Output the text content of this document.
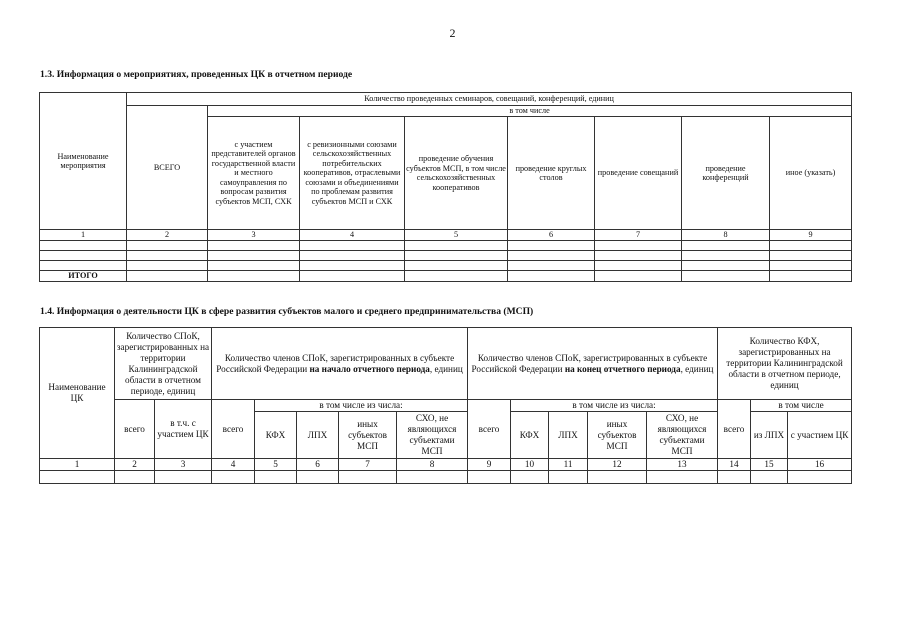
2
1.3. Информация о мероприятиях, проведенных ЦК в отчетном периоде
Наименование мероприятия	Количество проведенных семинаров, совещаний, конференций, единиц							
	ВСЕГО	в том числе						
		с участием представителей органов государственной власти и местного самоуправления по вопросам развития субъектов МСП, СХК	с ревизионными союзами сельскохозяйственных потребительских кооперативов, отраслевыми союзами и объединениями по проблемам развития субъектов МСП и СХК	проведение обучения субъектов МСП, в том числе сельскохозяйственных кооперативов	проведение круглых столов	проведение совещаний	проведение конференций	иное (указать)
1	2	3	4	5	6	7	8	9

ИТОГО								
1.4. Информация о деятельности ЦК в сфере развития субъектов малого и среднего предпринимательства (МСП)
Наименование ЦК	Количество СПоК, зарегистрированных на территории Калининградской области в отчетном периоде, единиц		Количество членов СПоК, зарегистрированных в субъекте Российской Федерации на начало отчетного периода, единиц					Количество членов СПоК, зарегистрированных в субъекте Российской Федерации на конец отчетного периода, единиц					Количество КФХ, зарегистрированных на территории Калининградской области в отчетном периоде, единиц		
	всего	в т.ч. с участием ЦК	всего	в том числе из числа:				всего	в том числе из числа:				всего	в том числе	
				КФХ	ЛПХ	иных субъектов МСП	СХО, не являющихся субъектами МСП		КФХ	ЛПХ	иных субъектов МСП	СХО, не являющихся субъектами МСП		из ЛПХ	с участием ЦК
1	2	3	4	5	6	7	8	9	10	11	12	13	14	15	16
